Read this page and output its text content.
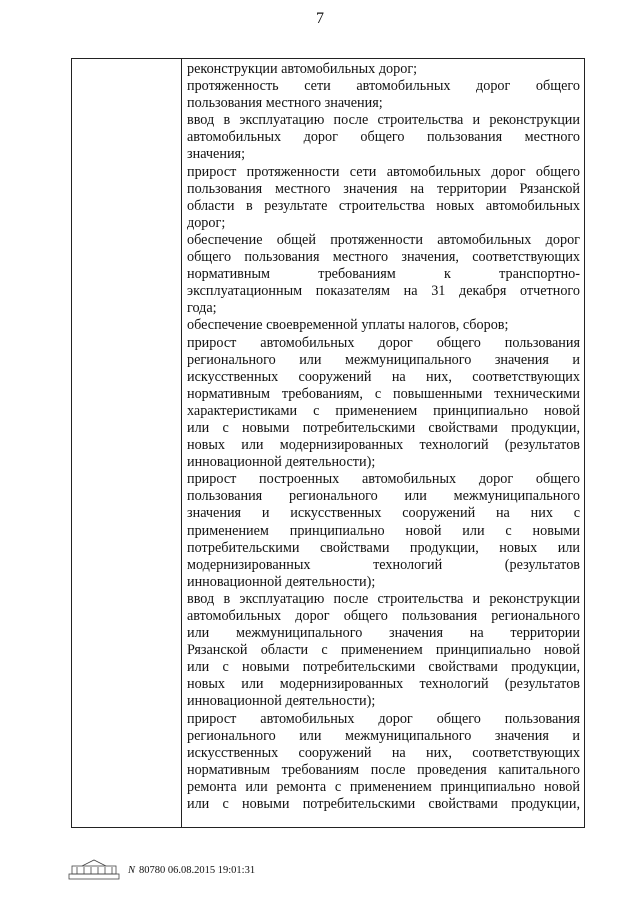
7
реконструкции автомобильных дорог;
протяженность сети автомобильных дорог общего
пользования местного значения;
ввод в эксплуатацию после строительства и реконструкции
автомобильных дорог общего пользования местного
значения;
прирост протяженности сети автомобильных дорог общего
пользования местного значения на территории Рязанской
области в результате строительства новых автомобильных
дорог;
обеспечение общей протяженности автомобильных дорог
общего пользования местного значения, соответствующих
нормативным требованиям к транспортно-
эксплуатационным показателям на 31 декабря отчетного
года;
обеспечение своевременной уплаты налогов, сборов;
прирост автомобильных дорог общего пользования
регионального или межмуниципального значения и
искусственных сооружений на них, соответствующих
нормативным требованиям, с повышенными техническими
характеристиками с применением принципиально новой
или с новыми потребительскими свойствами продукции,
новых или модернизированных технологий (результатов
инновационной деятельности);
прирост построенных автомобильных дорог общего
пользования регионального или межмуниципального
значения и искусственных сооружений на них с
применением принципиально новой или с новыми
потребительскими свойствами продукции, новых или
модернизированных технологий (результатов
инновационной деятельности);
ввод в эксплуатацию после строительства и реконструкции
автомобильных дорог общего пользования регионального
или межмуниципального значения на территории
Рязанской области с применением принципиально новой
или с новыми потребительскими свойствами продукции,
новых или модернизированных технологий (результатов
инновационной деятельности);
прирост автомобильных дорог общего пользования
регионального или межмуниципального значения и
искусственных сооружений на них, соответствующих
нормативным требованиям после проведения капитального
ремонта или ремонта с применением принципиально новой
или с новыми потребительскими свойствами продукции,
N 80780
06.08.2015 19:01:31
